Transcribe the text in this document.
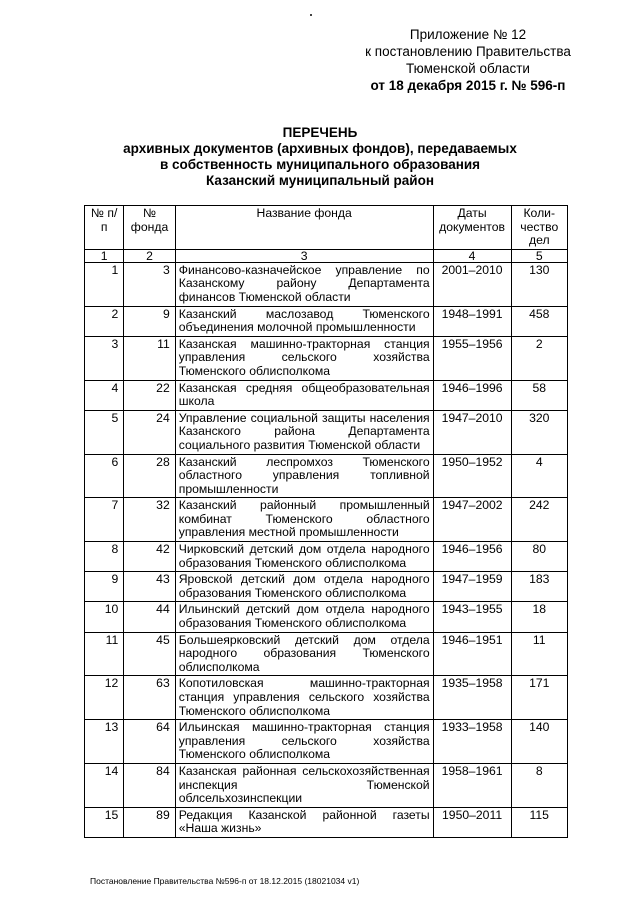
Приложение № 12
к постановлению Правительства
Тюменской области
от 18 декабря 2015 г. № 596-п
ПЕРЕЧЕНЬ
архивных документов (архивных фондов), передаваемых
в собственность муниципального образования
Казанский муниципальный район
№ п/п	№ фонда	Название фонда	Даты документов	Коли-чество дел
1	2	3	4	5
1	3	Финансово-казначейское управление по Казанскому району Департамента финансов Тюменской области	2001–2010	130
2	9	Казанский маслозавод Тюменского объединения молочной промышленности	1948–1991	458
3	11	Казанская машинно-тракторная станция управления сельского хозяйства Тюменского облисполкома	1955–1956	2
4	22	Казанская средняя общеобразовательная школа	1946–1996	58
5	24	Управление социальной защиты населения Казанского района Департамента социального развития Тюменской области	1947–2010	320
6	28	Казанский леспромхоз Тюменского областного управления топливной промышленности	1950–1952	4
7	32	Казанский районный промышленный комбинат Тюменского областного управления местной промышленности	1947–2002	242
8	42	Чирковский детский дом отдела народного образования Тюменского облисполкома	1946–1956	80
9	43	Яровской детский дом отдела народного образования Тюменского облисполкома	1947–1959	183
10	44	Ильинский детский дом отдела народного образования Тюменского облисполкома	1943–1955	18
11	45	Большеярковский детский дом отдела народного образования Тюменского облисполкома	1946–1951	11
12	63	Копотиловская машинно-тракторная станция управления сельского хозяйства Тюменского облисполкома	1935–1958	171
13	64	Ильинская машинно-тракторная станция управления сельского хозяйства Тюменского облисполкома	1933–1958	140
14	84	Казанская районная сельскохозяйственная инспекция Тюменской облсельхозинспекции	1958–1961	8
15	89	Редакция Казанской районной газеты «Наша жизнь»	1950–2011	115
Постановление Правительства №596-п от 18.12.2015 (18021034 v1)
